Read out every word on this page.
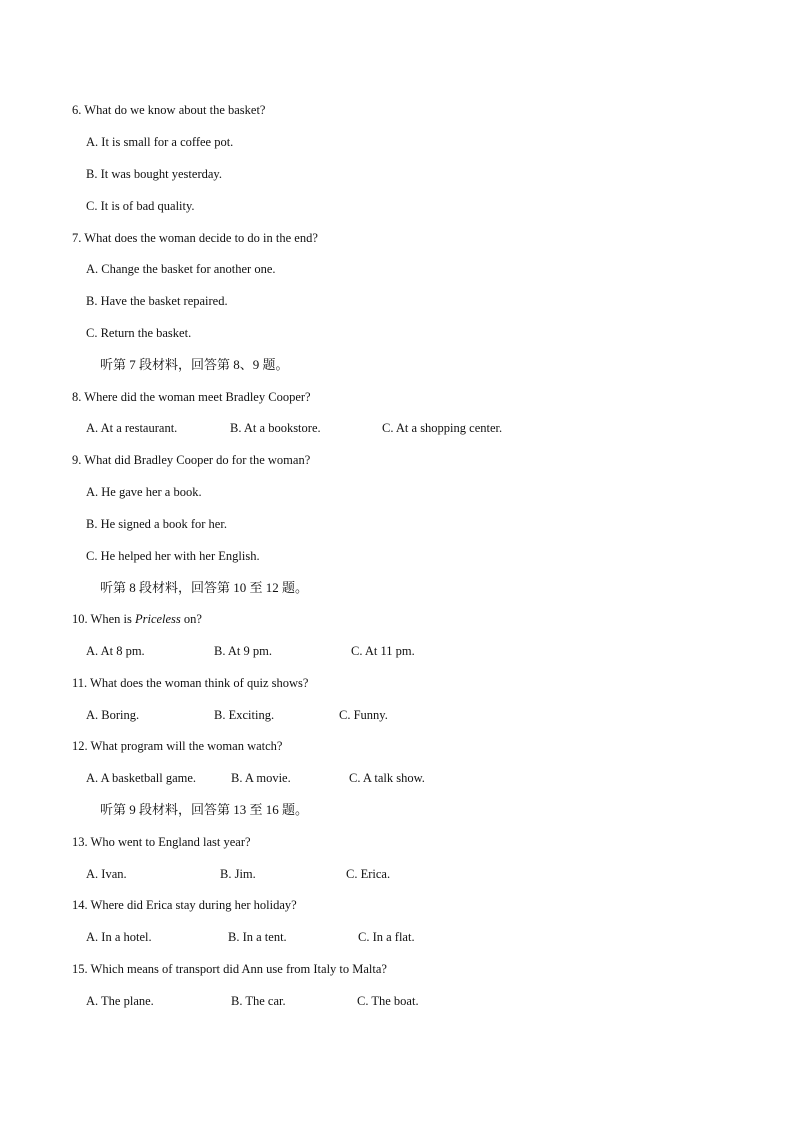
6. What do we know about the basket?
A. It is small for a coffee pot.
B. It was bought yesterday.
C. It is of bad quality.
7. What does the woman decide to do in the end?
A. Change the basket for another one.
B. Have the basket repaired.
C. Return the basket.
听第 7 段材料，回答第 8、9 题。
8. Where did the woman meet Bradley Cooper?
A. At a restaurant.	B. At a bookstore.	C. At a shopping center.
9. What did Bradley Cooper do for the woman?
A. He gave her a book.
B. He signed a book for her.
C. He helped her with her English.
听第 8 段材料，回答第 10 至 12 题。
10. When is Priceless on?
A. At 8 pm.	B. At 9 pm.	C. At 11 pm.
11. What does the woman think of quiz shows?
A. Boring.	B. Exciting.	C. Funny.
12. What program will the woman watch?
A. A basketball game.	B. A movie.	C. A talk show.
听第 9 段材料，回答第 13 至 16 题。
13. Who went to England last year?
A. Ivan.	B. Jim.	C. Erica.
14. Where did Erica stay during her holiday?
A. In a hotel.	B. In a tent.	C. In a flat.
15. Which means of transport did Ann use from Italy to Malta?
A. The plane.	B. The car.	C. The boat.
